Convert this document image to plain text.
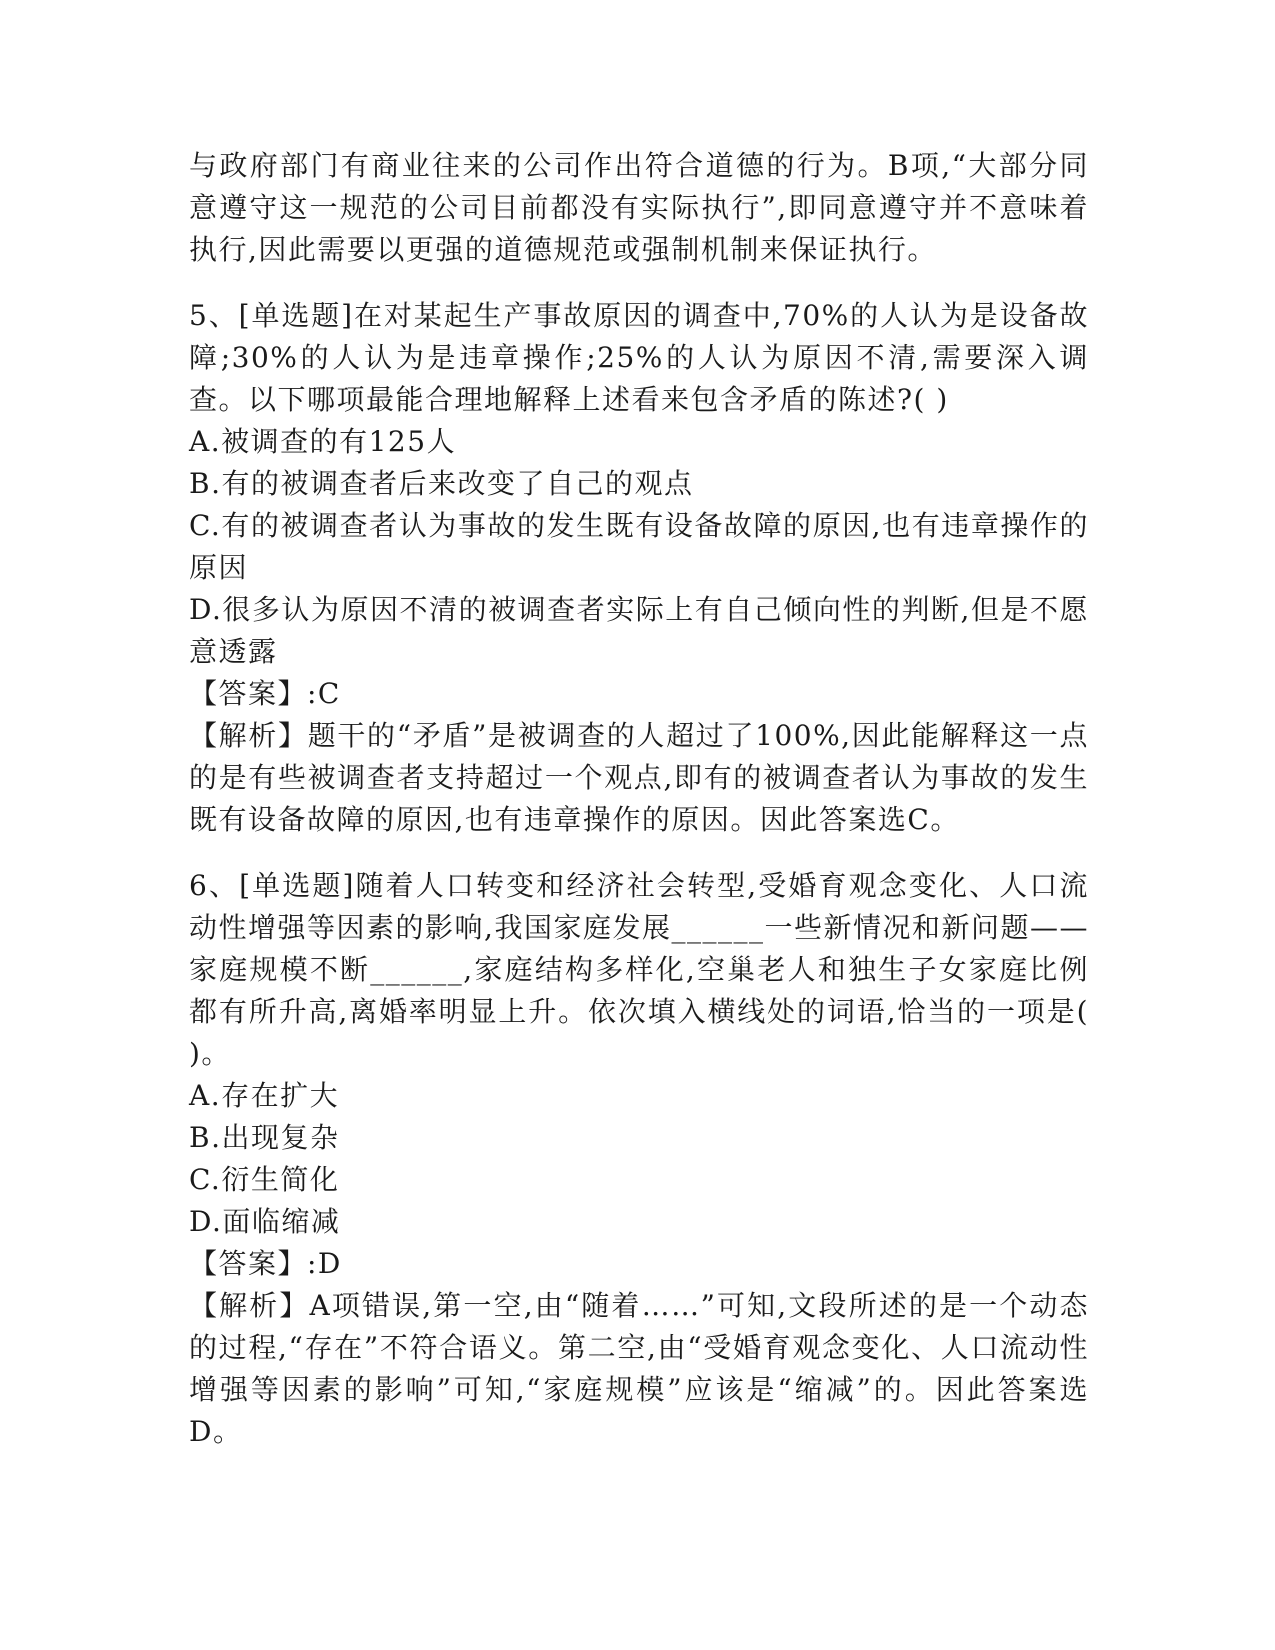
与政府部门有商业往来的公司作出符合道德的行为。B项,“大部分同意遵守这一规范的公司目前都没有实际执行”,即同意遵守并不意味着执行,因此需要以更强的道德规范或强制机制来保证执行。

5、[单选题]在对某起生产事故原因的调查中,70%的人认为是设备故障;30%的人认为是违章操作;25%的人认为原因不清,需要深入调查。以下哪项最能合理地解释上述看来包含矛盾的陈述?( )

A.被调查的有125人

B.有的被调查者后来改变了自己的观点

C.有的被调查者认为事故的发生既有设备故障的原因,也有违章操作的原因

D.很多认为原因不清的被调查者实际上有自己倾向性的判断,但是不愿意透露

【答案】:C

【解析】题干的“矛盾”是被调查的人超过了100%,因此能解释这一点的是有些被调查者支持超过一个观点,即有的被调查者认为事故的发生既有设备故障的原因,也有违章操作的原因。因此答案选C。

6、[单选题]随着人口转变和经济社会转型,受婚育观念变化、人口流动性增强等因素的影响,我国家庭发展______一些新情况和新问题——家庭规模不断______,家庭结构多样化,空巢老人和独生子女家庭比例都有所升高,离婚率明显上升。依次填入横线处的词语,恰当的一项是( )。

A.存在扩大

B.出现复杂

C.衍生简化

D.面临缩减

【答案】:D

【解析】A项错误,第一空,由“随着……”可知,文段所述的是一个动态的过程,“存在”不符合语义。第二空,由“受婚育观念变化、人口流动性增强等因素的影响”可知,“家庭规模”应该是“缩减”的。因此答案选D。
